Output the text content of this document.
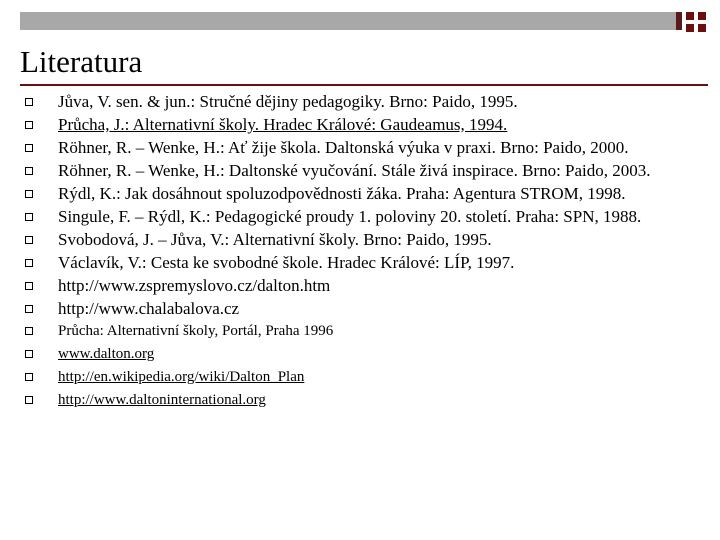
Literatura
Jůva, V. sen. & jun.: Stručné dějiny pedagogiky. Brno: Paido, 1995.
Průcha, J.: Alternativní školy. Hradec Králové: Gaudeamus, 1994.
Röhner, R. – Wenke, H.: Ať žije škola. Daltonská výuka v praxi. Brno: Paido, 2000.
Röhner, R. – Wenke, H.: Daltonské vyučování. Stále živá inspirace. Brno: Paido, 2003.
Rýdl, K.: Jak dosáhnout spoluzodpovědnosti žáka. Praha: Agentura STROM, 1998.
Singule, F. – Rýdl, K.: Pedagogické proudy 1. poloviny 20. století. Praha: SPN, 1988.
Svobodová, J. – Jůva, V.: Alternativní školy. Brno: Paido, 1995.
Václavík, V.: Cesta ke svobodné škole. Hradec Králové: LÍP, 1997.
http://www.zspremyslovo.cz/dalton.htm
http://www.chalabalova.cz
Průcha: Alternativní školy, Portál, Praha 1996
www.dalton.org
http://en.wikipedia.org/wiki/Dalton_Plan
http://www.daltoninternational.org
